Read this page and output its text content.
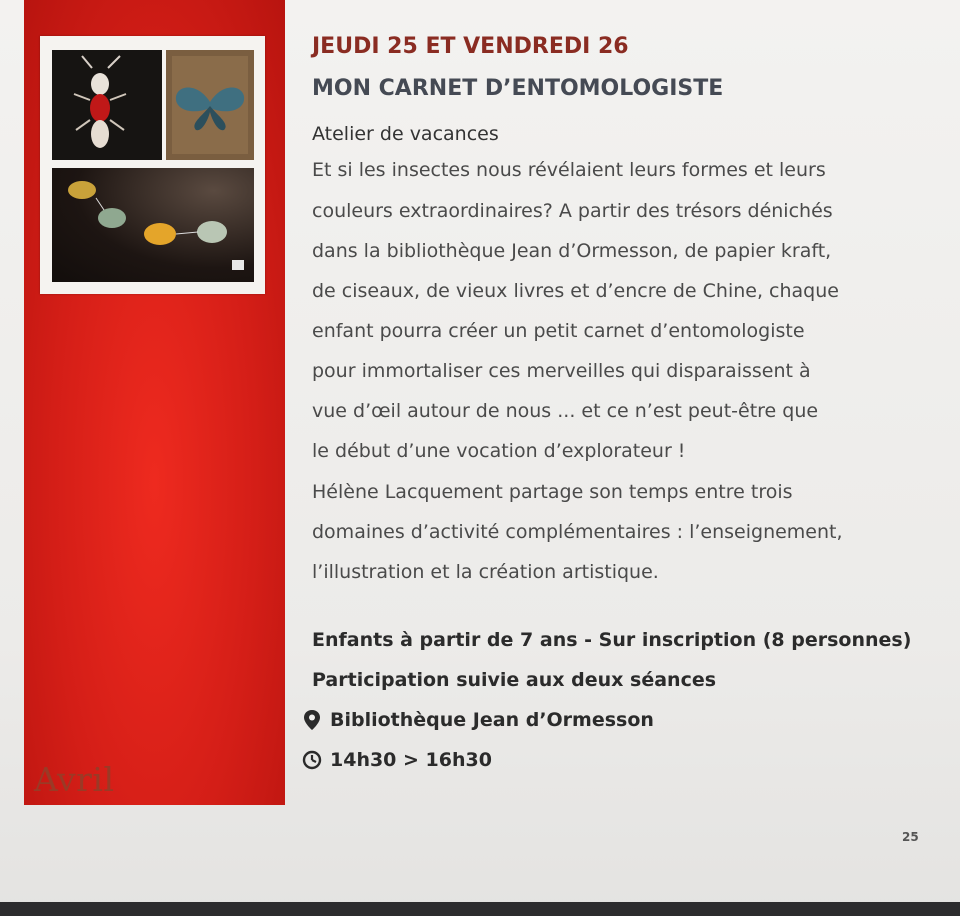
Avril
JEUDI 25 ET VENDREDI 26
MON CARNET D’ENTOMOLOGISTE
Atelier de vacances
Et si les insectes nous révélaient leurs formes et leurs
couleurs extraordinaires? A partir des trésors dénichés
dans la bibliothèque Jean d’Ormesson, de papier kraft,
de ciseaux, de vieux livres et d’encre de Chine, chaque
enfant pourra créer un petit carnet d’entomologiste
pour immortaliser ces merveilles qui disparaissent à
vue d’œil autour de nous ... et ce n’est peut-être que
le début d’une vocation d’explorateur !
Hélène Lacquement partage son temps entre trois
domaines d’activité complémentaires : l’enseignement,
l’illustration et la création artistique.
Enfants à partir de 7 ans - Sur inscription (8 personnes)
Participation suivie aux deux séances
Bibliothèque Jean d’Ormesson
14h30 > 16h30
25
